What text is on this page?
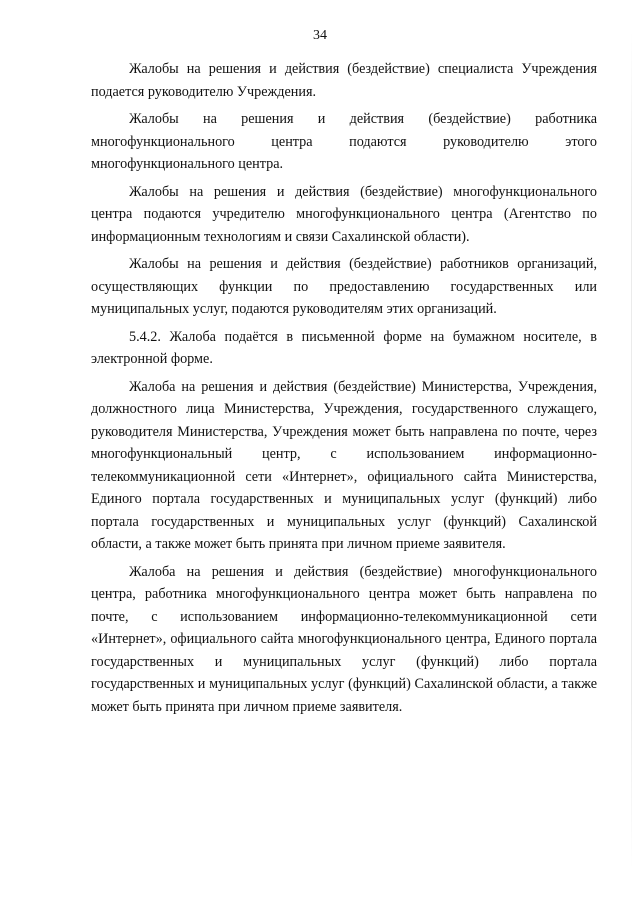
34

Жалобы на решения и действия (бездействие) специалиста Учреждения подается руководителю Учреждения.

Жалобы на решения и действия (бездействие) работника многофункционального центра подаются руководителю этого многофункционального центра.

Жалобы на решения и действия (бездействие) многофункционального центра подаются учредителю многофункционального центра (Агентство по информационным технологиям и связи Сахалинской области).

Жалобы на решения и действия (бездействие) работников организаций, осуществляющих функции по предоставлению государственных или муниципальных услуг, подаются руководителям этих организаций.

5.4.2. Жалоба подаётся в письменной форме на бумажном носителе, в электронной форме.

Жалоба на решения и действия (бездействие) Министерства, Учреждения, должностного лица Министерства, Учреждения, государственного служащего, руководителя Министерства, Учреждения может быть направлена по почте, через многофункциональный центр, с использованием информационно-телекоммуникационной сети «Интернет», официального сайта Министерства, Единого портала государственных и муниципальных услуг (функций) либо портала государственных и муниципальных услуг (функций) Сахалинской области, а также может быть принята при личном приеме заявителя.

Жалоба на решения и действия (бездействие) многофункционального центра, работника многофункционального центра может быть направлена по почте, с использованием информационно-телекоммуникационной сети «Интернет», официального сайта многофункционального центра, Единого портала государственных и муниципальных услуг (функций) либо портала государственных и муниципальных услуг (функций) Сахалинской области, а также может быть принята при личном приеме заявителя.
